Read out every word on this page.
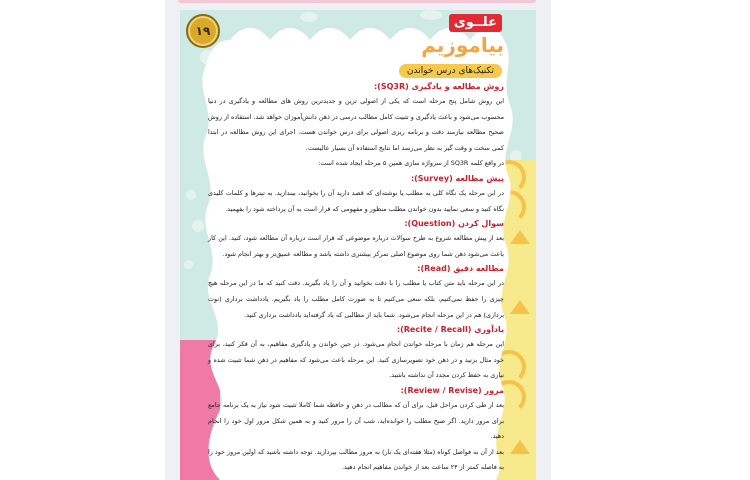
۱۹
علــوی
بیاموزیم
تکنیک‌های درس خواندن
روش مطالعه و یادگیری (SQ3R):

این روش شامل پنج مرحله است که یکی از اصولی ترین و جدیدترین روش های مطالعه و یادگیری در دنیا محسوب می‌شود و باعث یادگیری و تثبیت کامل مطالب درسی در ذهن دانش‌آموزان خواهد شد. استفاده از روش صحیح مطالعه نیازمند دقت و برنامه ریزی اصولی برای درس خواندن هست. اجرای این روش مطالعه در ابتدا کمی سخت و وقت گیر به نظر می‌رسد اما نتایج استفاده آن بسیار عالیست.

در واقع کلمه SQ3R از سرواژه سازی همین ۵ مرحله ایجاد شده است:

پیش مطالعه (Survey):

در این مرحله یک نگاه کلی به مطلب یا نوشته‌ای که قصد دارید آن را بخوانید، بیندازید. به تیترها و کلمات کلیدی نگاه کنید و سعی نمایید بدون خواندن مطلب منظور و مفهومی که قرار است به آن پرداخته شود را بفهمید.

سوال کردن (Question):

بعد از پیش مطالعه شروع به طرح سوالات درباره موضوعی که قرار است درباره آن مطالعه شود، کنید. این کار باعث می‌شود ذهن شما روی موضوع اصلی تمرکز بیشتری داشته باشد و مطالعه عمیق‌تر و بهتر انجام شود.

مطالعه دقیق (Read):

در این مرحله باید متن کتاب یا مطلب را با دقت بخوانید و آن را یاد بگیرید. دقت کنید که ما در این مرحله هیچ چیزی را حفظ نمی‌کنیم، بلکه سعی می‌کنیم تا به صورت کامل مطلب را یاد بگیریم. یادداشت برداری (نوت برداری) هم در این مرحله انجام می‌شود. شما باید از مطالبی که یاد گرفته‌اید یادداشت برداری کنید.

یادآوری (Recite / Recall):

این مرحله هم زمان با مرحله خواندن انجام می‌شود. در حین خواندن و یادگیری مفاهیم، به آن فکر کنید، برای خود مثال بزنید و در ذهن خود تصویرسازی کنید. این مرحله باعث می‌شود که مفاهیم در ذهن شما تثبیت شده و نیازی به حفظ کردن مجدد آن نداشته باشید.

مرور (Review / Revise):

بعد از طی کردن مراحل قبل، برای آن که مطالب در ذهن و حافظه شما کاملا تثبیت شود نیاز به یک برنامه جامع برای مرور دارید. اگر صبح مطلب را خوانده‌اید، شب آن را مرور کنید و به همین شکل مرور اول خود را انجام دهید.

بعد از آن به فواصل کوتاه (مثلا هفته‌ای یک بار) به مرور مطالب بپردازید. توجه داشته باشید که اولین مرور خود را به فاصله کمتر از ۲۴ ساعت بعد از خواندن مفاهیم انجام دهید.
